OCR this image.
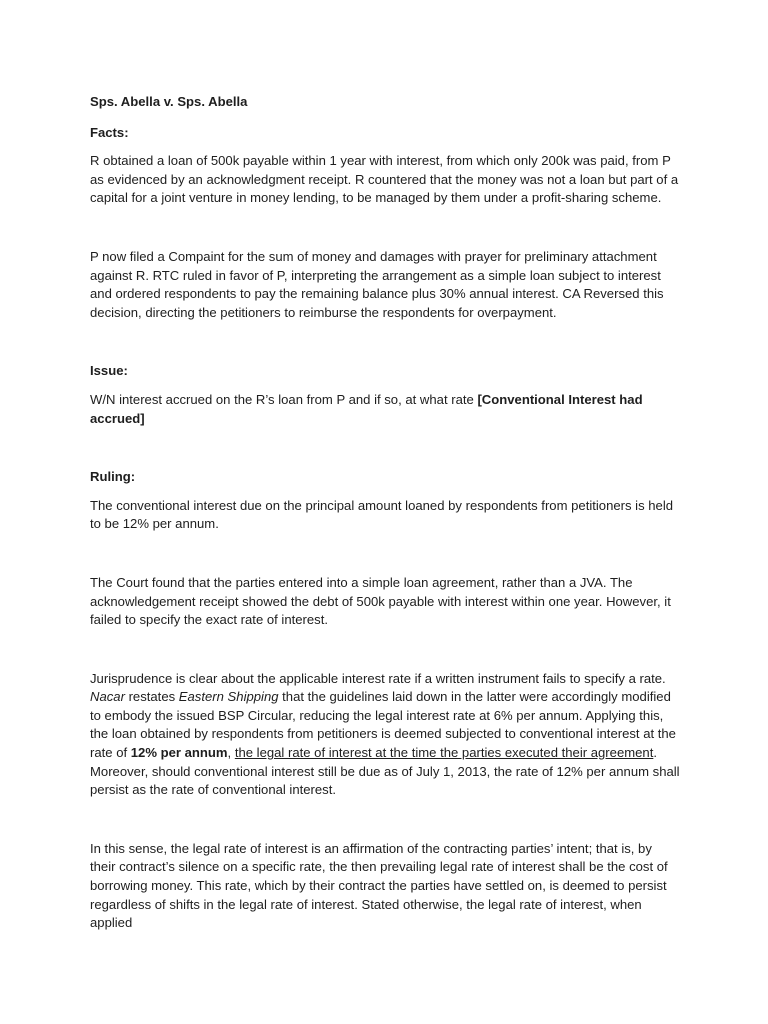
Sps. Abella v. Sps. Abella

Facts:

R obtained a loan of 500k payable within 1 year with interest, from which only 200k was paid, from P as evidenced by an acknowledgment receipt. R countered that the money was not a loan but part of a capital for a joint venture in money lending, to be managed by them under a profit-sharing scheme.

P now filed a Compaint for the sum of money and damages with prayer for preliminary attachment against R. RTC ruled in favor of P, interpreting the arrangement as a simple loan subject to interest and ordered respondents to pay the remaining balance plus 30% annual interest. CA Reversed this decision, directing the petitioners to reimburse the respondents for overpayment.

Issue:

W/N interest accrued on the R’s loan from P and if so, at what rate [Conventional Interest had accrued]

Ruling:

The conventional interest due on the principal amount loaned by respondents from petitioners is held to be 12% per annum.

The Court found that the parties entered into a simple loan agreement, rather than a JVA. The acknowledgement receipt showed the debt of 500k payable with interest within one year. However, it failed to specify the exact rate of interest.

Jurisprudence is clear about the applicable interest rate if a written instrument fails to specify a rate. Nacar restates Eastern Shipping that the guidelines laid down in the latter were accordingly modified to embody the issued BSP Circular, reducing the legal interest rate at 6% per annum. Applying this, the loan obtained by respondents from petitioners is deemed subjected to conventional interest at the rate of 12% per annum, the legal rate of interest at the time the parties executed their agreement. Moreover, should conventional interest still be due as of July 1, 2013, the rate of 12% per annum shall persist as the rate of conventional interest.

In this sense, the legal rate of interest is an affirmation of the contracting parties’ intent; that is, by their contract’s silence on a specific rate, the then prevailing legal rate of interest shall be the cost of borrowing money. This rate, which by their contract the parties have settled on, is deemed to persist regardless of shifts in the legal rate of interest. Stated otherwise, the legal rate of interest, when applied
